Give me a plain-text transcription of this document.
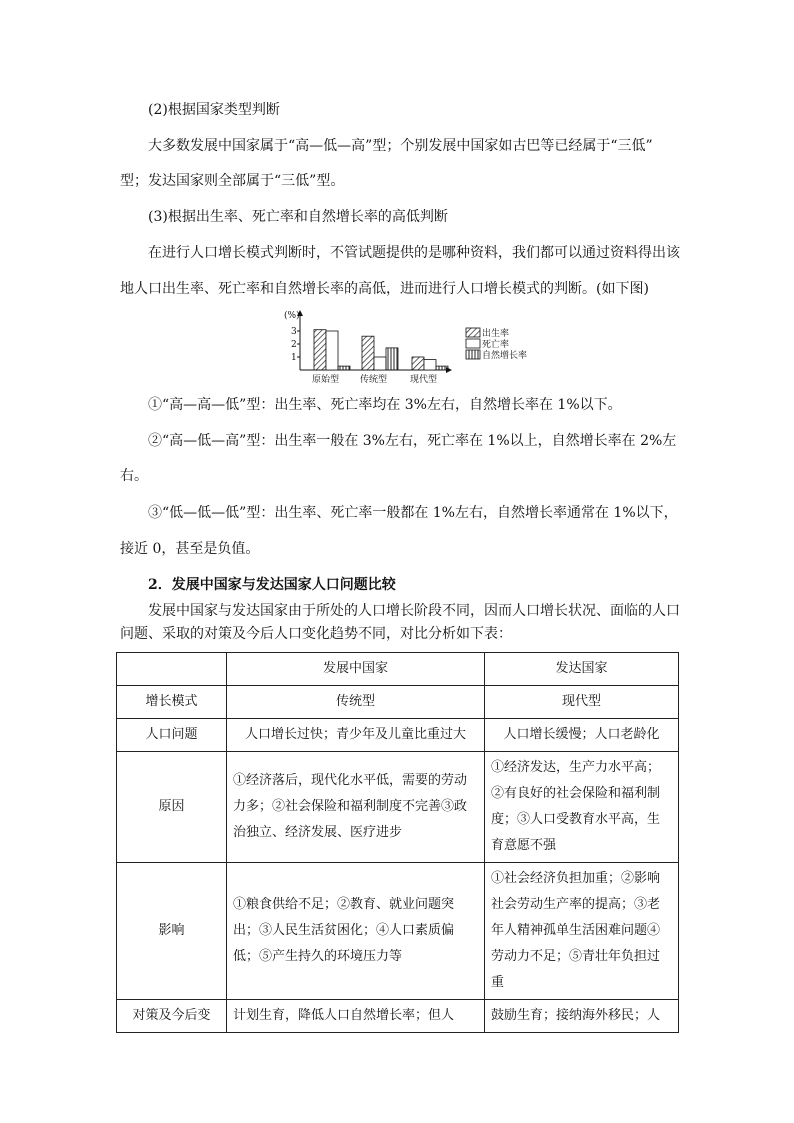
(2)根据国家类型判断
大多数发展中国家属于“高—低—高”型；个别发展中国家如古巴等已经属于“三低”
型；发达国家则全部属于“三低”型。
(3)根据出生率、死亡率和自然增长率的高低判断
在进行人口增长模式判断时，不管试题提供的是哪种资料，我们都可以通过资料得出该
地人口出生率、死亡率和自然增长率的高低，进而进行人口增长模式的判断。(如下图)
(%)
1
2
3
原始型 传统型	现代型
出生率
死亡率
自然增长率
①“高—高—低”型：出生率、死亡率均在 3%左右，自然增长率在 1%以下。
②“高—低—高”型：出生率一般在 3%左右，死亡率在 1%以上，自然增长率在 2%左
右。
③“低—低—低”型：出生率、死亡率一般都在 1%左右，自然增长率通常在 1%以下，
接近 0，甚至是负值。
2．发展中国家与发达国家人口问题比较
发展中国家与发达国家由于所处的人口增长阶段不同，因而人口增长状况、面临的人口
问题、采取的对策及今后人口变化趋势不同，对比分析如下表：
	发展中国家	发达国家
增长模式	传统型	现代型
人口问题	人口增长过快；青少年及儿童比重过大	人口增长缓慢；人口老龄化
原因	①经济落后，现代化水平低，需要的劳动力多；②社会保险和福利制度不完善③政治独立、经济发展、医疗进步	①经济发达，生产力水平高；②有良好的社会保险和福利制度；③人口受教育水平高，生育意愿不强
影响	①粮食供给不足；②教育、就业问题突出；③人民生活贫困化；④人口素质偏低；⑤产生持久的环境压力等	①社会经济负担加重；②影响社会劳动生产率的提高；③老年人精神孤单生活困难问题④劳动力不足；⑤青壮年负担过重
对策及今后变	计划生育，降低人口自然增长率；但人	鼓励生育；接纳海外移民；人
